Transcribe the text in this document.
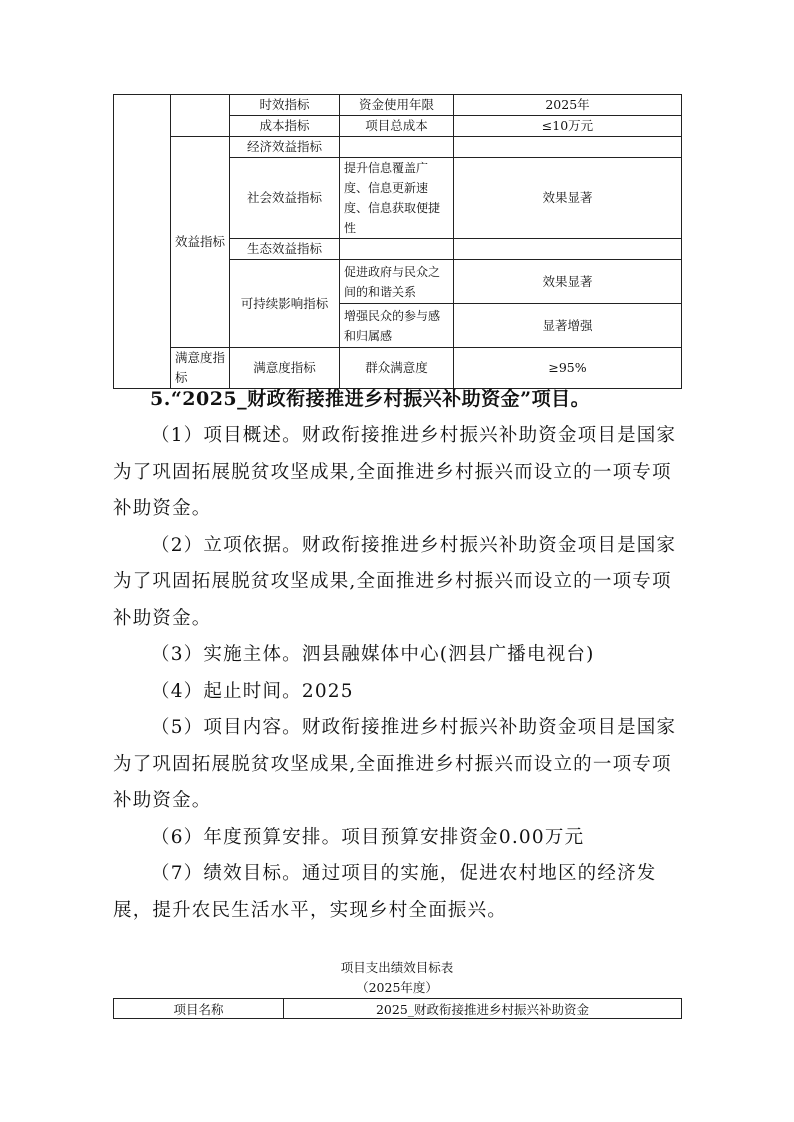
		时效指标	资金使用年限	2025年
		成本指标	项目总成本	≤10万元
	效益指标	经济效益指标		
		社会效益指标	提升信息覆盖广度、信息更新速度、信息获取便捷性	效果显著
		生态效益指标		
		可持续影响指标	促进政府与民众之间的和谐关系	效果显著
			增强民众的参与感和归属感	显著增强

	满意度指标	满意度指标	群众满意度	≥95%
5.“2025_财政衔接推进乡村振兴补助资金”项目。

（1）项目概述。财政衔接推进乡村振兴补助资金项目是国家为了巩固拓展脱贫攻坚成果,全面推进乡村振兴而设立的一项专项补助资金。

（2）立项依据。财政衔接推进乡村振兴补助资金项目是国家为了巩固拓展脱贫攻坚成果,全面推进乡村振兴而设立的一项专项补助资金。

（3）实施主体。泗县融媒体中心(泗县广播电视台)

（4）起止时间。2025

（5）项目内容。财政衔接推进乡村振兴补助资金项目是国家为了巩固拓展脱贫攻坚成果,全面推进乡村振兴而设立的一项专项补助资金。

（6）年度预算安排。项目预算安排资金0.00万元

（7）绩效目标。通过项目的实施，促进农村地区的经济发展，提升农民生活水平，实现乡村全面振兴。

项目支出绩效目标表
（2025年度）
项目名称	2025_财政衔接推进乡村振兴补助资金
